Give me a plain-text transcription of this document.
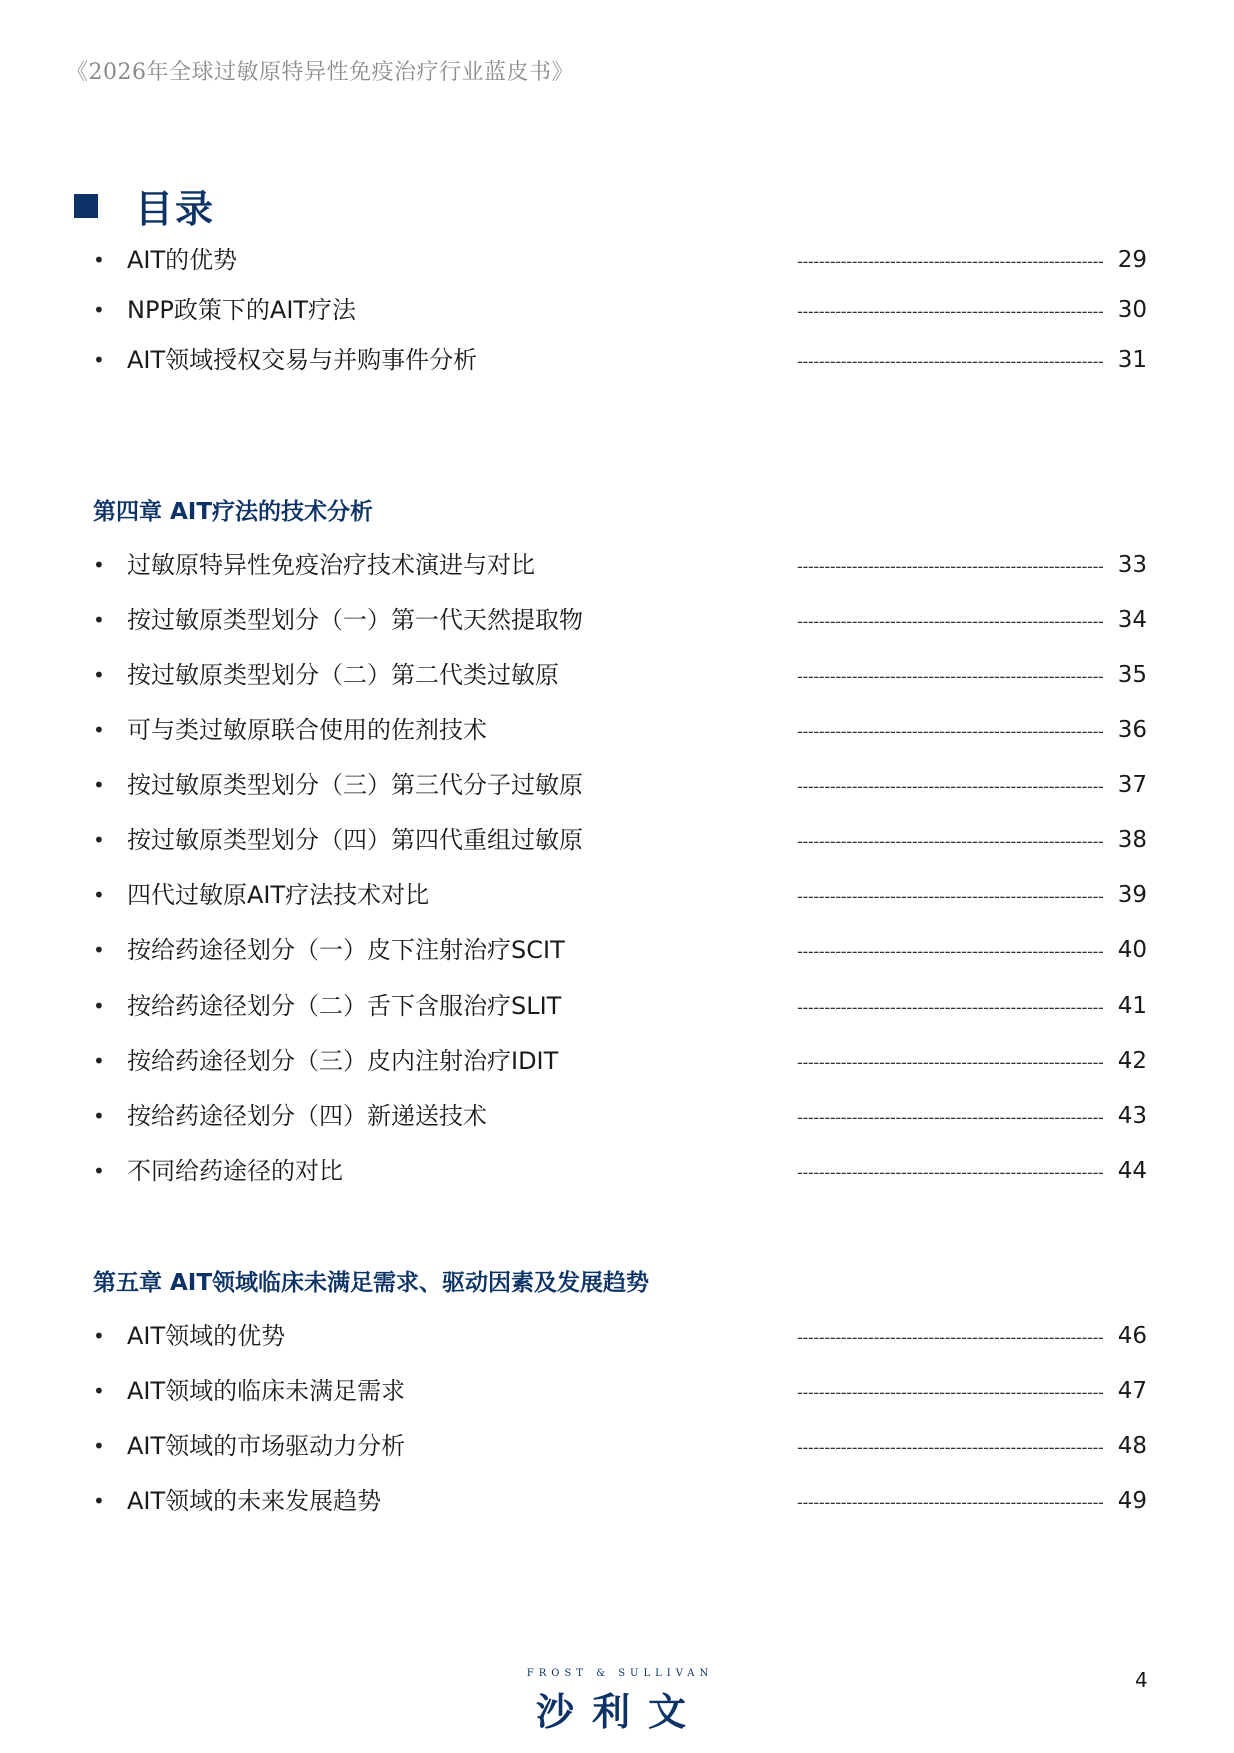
《2026年全球过敏原特异性免疫治疗行业蓝皮书》
目录
• AIT的优势	-------------------------------------------------------- 29
• NPP政策下的AIT疗法	-------------------------------------------------------- 30
• AIT领域授权交易与并购事件分析	-------------------------------------------------------- 31
第四章 AIT疗法的技术分析
• 过敏原特异性免疫治疗技术演进与对比	-------------------------------------------------------- 33
• 按过敏原类型划分（一）第一代天然提取物	-------------------------------------------------------- 34
• 按过敏原类型划分（二）第二代类过敏原	-------------------------------------------------------- 35
• 可与类过敏原联合使用的佐剂技术	-------------------------------------------------------- 36
• 按过敏原类型划分（三）第三代分子过敏原	-------------------------------------------------------- 37
• 按过敏原类型划分（四）第四代重组过敏原	-------------------------------------------------------- 38
• 四代过敏原AIT疗法技术对比	-------------------------------------------------------- 39
• 按给药途径划分（一）皮下注射治疗SCIT	-------------------------------------------------------- 40
• 按给药途径划分（二）舌下含服治疗SLIT	-------------------------------------------------------- 41
• 按给药途径划分（三）皮内注射治疗IDIT	-------------------------------------------------------- 42
• 按给药途径划分（四）新递送技术	-------------------------------------------------------- 43
• 不同给药途径的对比	-------------------------------------------------------- 44
第五章 AIT领域临床未满足需求、驱动因素及发展趋势
• AIT领域的优势	-------------------------------------------------------- 46
• AIT领域的临床未满足需求	-------------------------------------------------------- 47
• AIT领域的市场驱动力分析	-------------------------------------------------------- 48
• AIT领域的未来发展趋势	-------------------------------------------------------- 49
FROST & SULLIVAN
沙利文
4
